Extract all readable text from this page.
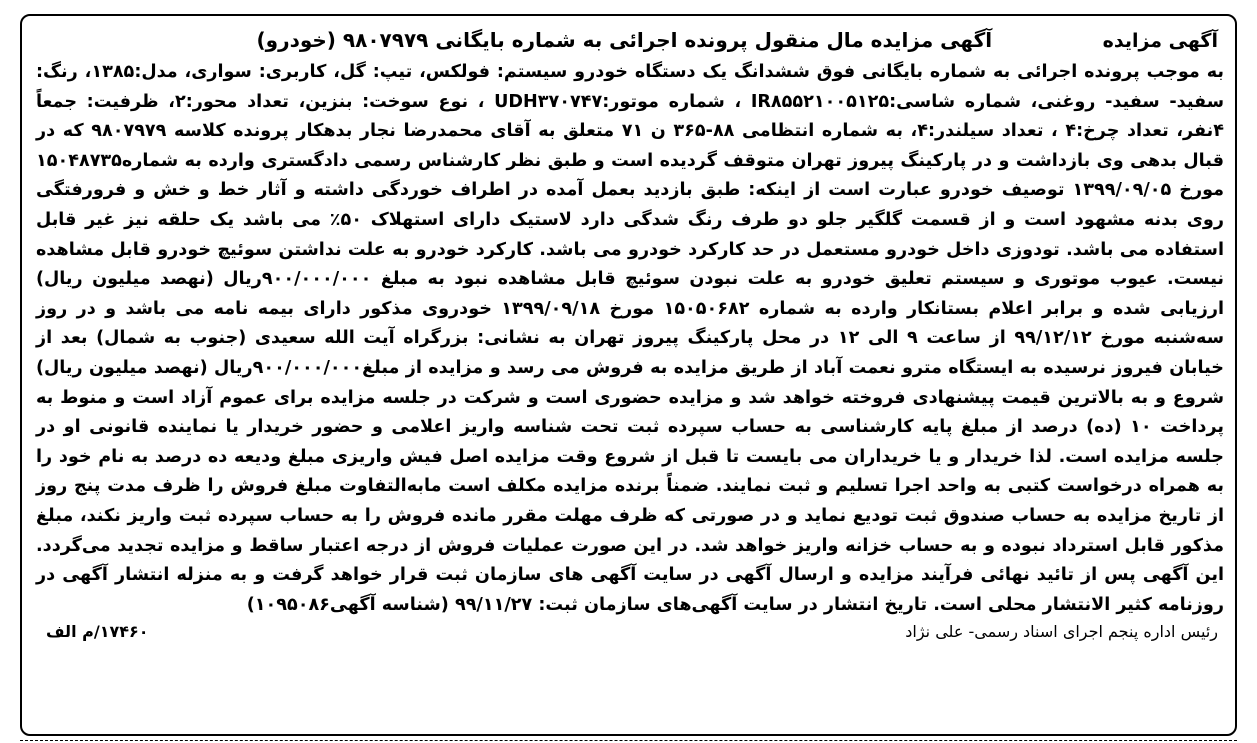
آگهی مزایده
آگهی مزایده مال منقول پرونده اجرائی به شماره بایگانی ۹۸۰۷۹۷۹ (خودرو)

به موجب پرونده اجرائی به شماره بایگانی فوق ششدانگ یک دستگاه خودرو سیستم: فولکس، تیپ: گل، کاربری: سواری، مدل:۱۳۸۵، رنگ: سفید- سفید- روغنی، شماره شاسی:IR۸۵۵۲۱۰۰۵۱۲۵ ، شماره موتور:UDH۳۷۰۷۴۷ ، نوع سوخت: بنزین، تعداد محور:۲، ظرفیت: جمعاً ۴نفر، تعداد چرخ:۴ ، تعداد سیلندر:۴، به شماره انتظامی ۸۸-۳۶۵ ن ۷۱ متعلق به آقای محمدرضا نجار بدهکار پرونده کلاسه ۹۸۰۷۹۷۹ که در قبال بدهی وی بازداشت و در پارکینگ پیروز تهران متوقف گردیده است و طبق نظر کارشناس رسمی دادگستری وارده به شماره۱۵۰۴۸۷۳۵ مورخ ۱۳۹۹/۰۹/۰۵ توصیف خودرو عبارت است از اینکه: طبق بازدید بعمل آمده در اطراف خوردگی داشته و آثار خط و خش و فرورفتگی روی بدنه مشهود است و از قسمت گلگیر جلو دو طرف رنگ شدگی دارد لاستیک دارای استهلاک ۵۰٪ می باشد یک حلقه نیز غیر قابل استفاده می باشد. تودوزی داخل خودرو مستعمل در حد کارکرد خودرو می باشد. کارکرد خودرو به علت نداشتن سوئیچ خودرو قابل مشاهده نیست. عیوب موتوری و سیستم تعلیق خودرو به علت نبودن سوئیچ قابل مشاهده نبود به مبلغ ۹۰۰/۰۰۰/۰۰۰ریال (نهصد میلیون ریال) ارزیابی شده و برابر اعلام بستانکار وارده به شماره ۱۵۰۵۰۶۸۲ مورخ ۱۳۹۹/۰۹/۱۸ خودروی مذکور دارای بیمه نامه می باشد و در روز سه‌شنبه مورخ ۹۹/۱۲/۱۲ از ساعت ۹ الی ۱۲ در محل پارکینگ پیروز تهران به نشانی: بزرگراه آیت الله سعیدی (جنوب به شمال) بعد از خیابان فیروز نرسیده به ایستگاه مترو نعمت آباد از طریق مزایده به فروش می رسد و مزایده از مبلغ۹۰۰/۰۰۰/۰۰۰ریال (نهصد میلیون ریال) شروع و به بالاترین قیمت پیشنهادی فروخته خواهد شد و مزایده حضوری است و شرکت در جلسه مزایده برای عموم آزاد است و منوط به پرداخت ۱۰ (ده) درصد از مبلغ پایه کارشناسی به حساب سپرده ثبت تحت شناسه واریز اعلامی و حضور خریدار یا نماینده قانونی او در جلسه مزایده است. لذا خریدار و یا خریداران می بایست تا قبل از شروع وقت مزایده اصل فیش واریزی مبلغ ودیعه ده درصد به نام خود را به همراه درخواست کتبی به واحد اجرا تسلیم و ثبت نمایند. ضمناً برنده مزایده مکلف است مابه‌التفاوت مبلغ فروش را ظرف مدت پنج روز از تاریخ مزایده به حساب صندوق ثبت تودیع نماید و در صورتی که ظرف مهلت مقرر مانده فروش را به حساب سپرده ثبت واریز نکند، مبلغ مذکور قابل استرداد نبوده و به حساب خزانه واریز خواهد شد. در این صورت عملیات فروش از درجه اعتبار ساقط و مزایده تجدید می‌گردد. این آگهی پس از تائید نهائی فرآیند مزایده و ارسال آگهی در سایت آگهی های سازمان ثبت قرار خواهد گرفت و به منزله انتشار آگهی در روزنامه کثیر الانتشار محلی است. تاریخ انتشار در سایت آگهی‌های سازمان ثبت: ۹۹/۱۱/۲۷ (شناسه آگهی۱۰۹۵۰۸۶)

رئیس اداره پنجم اجرای اسناد رسمی- علی نژاد
۱۷۴۶۰/م الف
